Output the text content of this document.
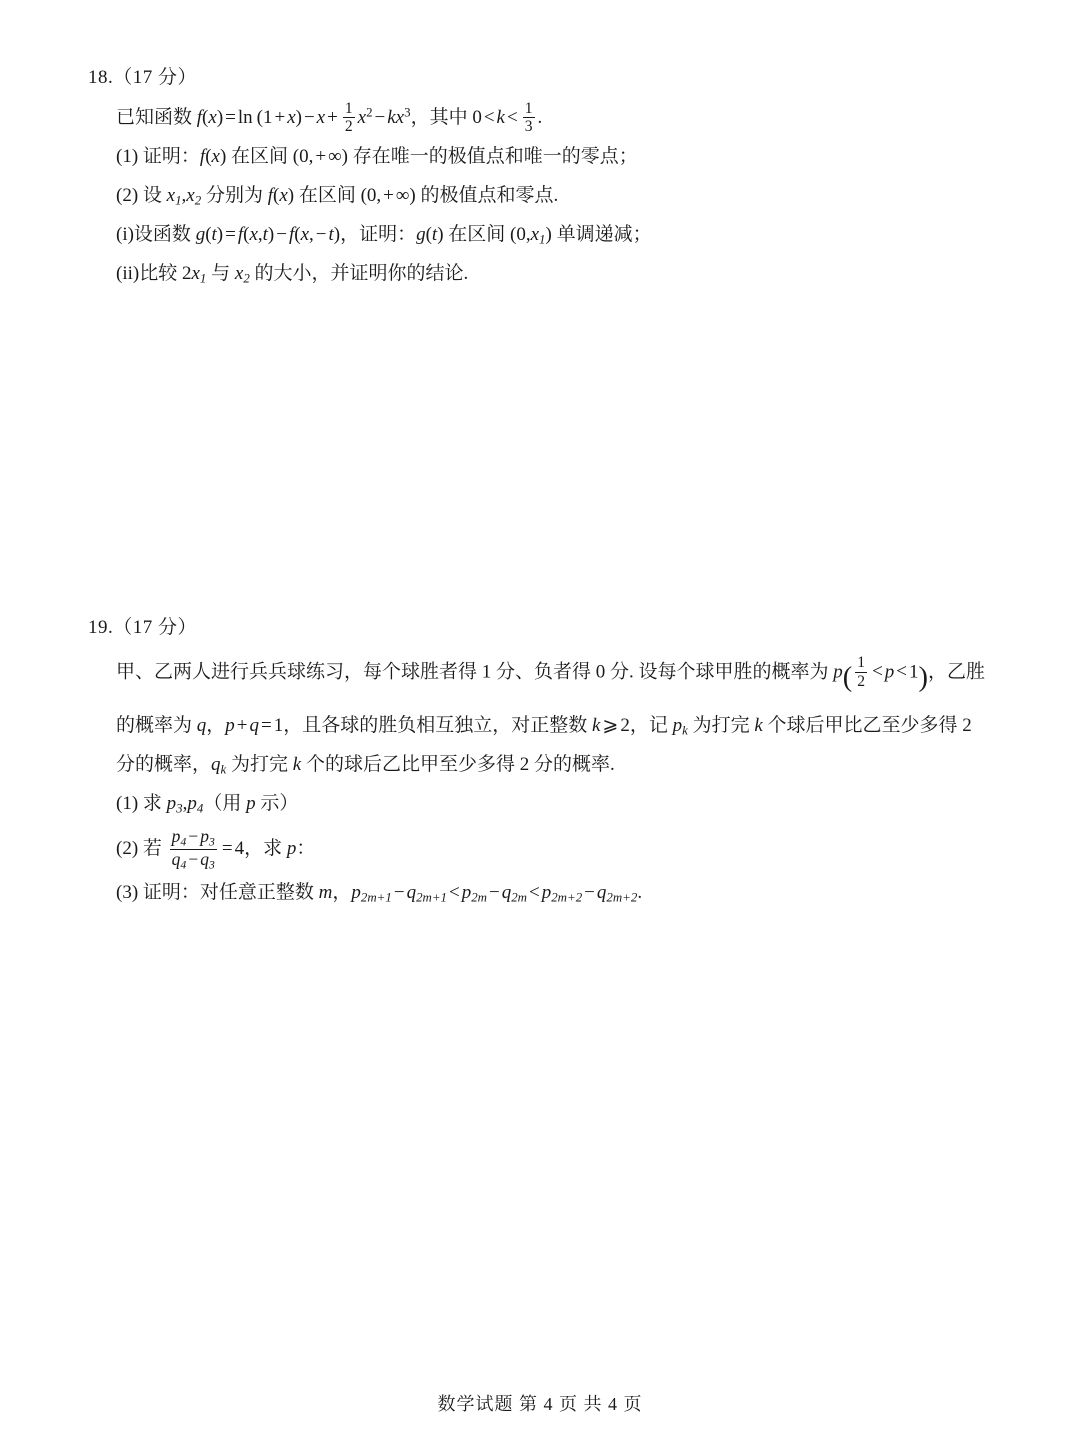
18.（17 分）
已知函数 $f(x) = \ln (1 + x) - x + \frac{1}{2} x^2 - kx^3$，其中 $0 < k < \frac{1}{3}$ .
(1) 证明：f(x) 在区间 (0, + ∞) 存在唯一的极值点和唯一的零点；
(2) 设 $x_1,x_2$ 分别为 f(x) 在区间 (0, + ∞) 的极值点和零点.
(i)设函数 g(t) = f(x,t) − f(x, − t)，证明：g(t) 在区间 $(0,x_1)$ 单调递减；
(ii)比较 $2x_1$ 与 $x_2$ 的大小，并证明你的结论.
19.（17 分）
甲、乙两人进行兵兵球练习，每个球胜者得 1 分、负者得 0 分. 设每个球甲胜的概率为 $p( \frac{1}{2} < p < 1)$，乙胜
的概率为 q，p + q = 1，且各球的胜负相互独立，对正整数 k ⩾ 2，记 $p_k$ 为打完 k 个球后甲比乙至少多得 2
分的概率，$q_k$ 为打完 k 个的球后乙比甲至少多得 2 分的概率.
(1) 求 $p_3,p_4$（用 p 示）
(2) 若 $\frac{p_4 - p_3}{q_4 - q_3} = 4$，求 p：
(3) 证明：对任意正整数 m，$p_{2m+1} - q_{2m+1} < p_{2m} - q_{2m} < p_{2m+2} - q_{2m+2}$.
数学试题 第 4 页 共 4 页
